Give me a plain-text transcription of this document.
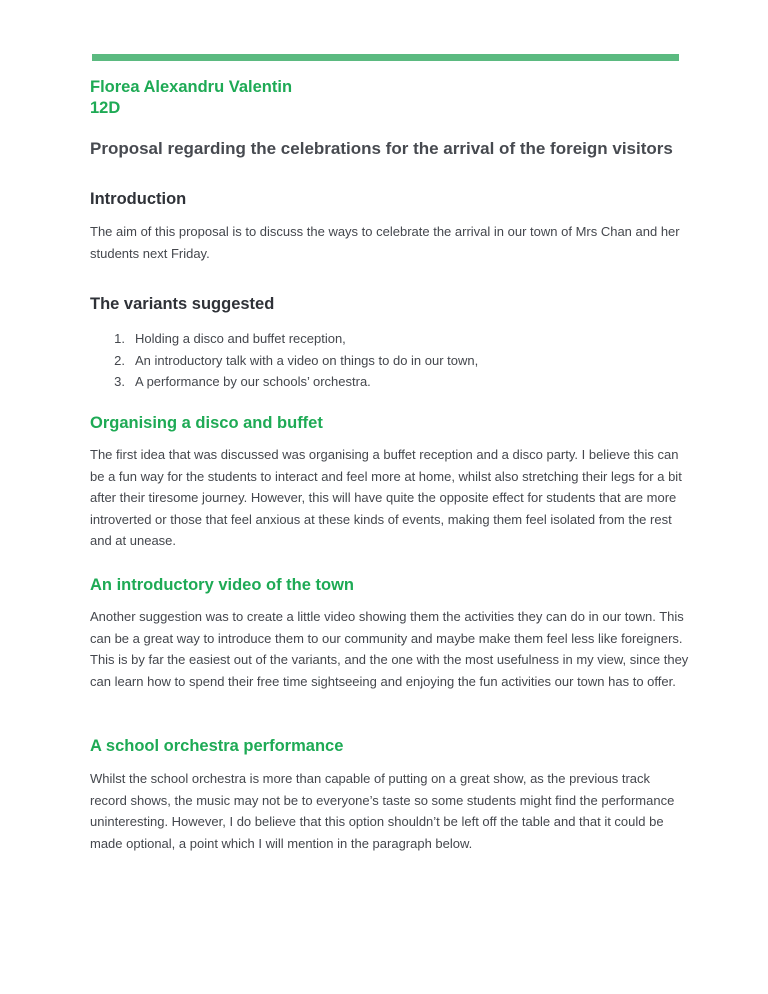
Florea Alexandru Valentin
12D
Proposal regarding the celebrations for the arrival of the foreign visitors
Introduction

The aim of this proposal is to discuss the ways to celebrate the arrival in our town of Mrs Chan and her students next Friday.

The variants suggested
1. Holding a disco and buffet reception,
2. An introductory talk with a video on things to do in our town,
3. A performance by our schools’ orchestra.
Organising a disco and buffet

The first idea that was discussed was organising a buffet reception and a disco party. I believe this can be a fun way for the students to interact and feel more at home, whilst also stretching their legs for a bit after their tiresome journey. However, this will have quite the opposite effect for students that are more introverted or those that feel anxious at these kinds of events, making them feel isolated from the rest and at unease.

An introductory video of the town

Another suggestion was to create a little video showing them the activities they can do in our town. This can be a great way to introduce them to our community and maybe make them feel less like foreigners. This is by far the easiest out of the variants, and the one with the most usefulness in my view, since they can learn how to spend their free time sightseeing and enjoying the fun activities our town has to offer.

A school orchestra performance

Whilst the school orchestra is more than capable of putting on a great show, as the previous track record shows, the music may not be to everyone’s taste so some students might find the performance uninteresting. However, I do believe that this option shouldn’t be left off the table and that it could be made optional, a point which I will mention in the paragraph below.
